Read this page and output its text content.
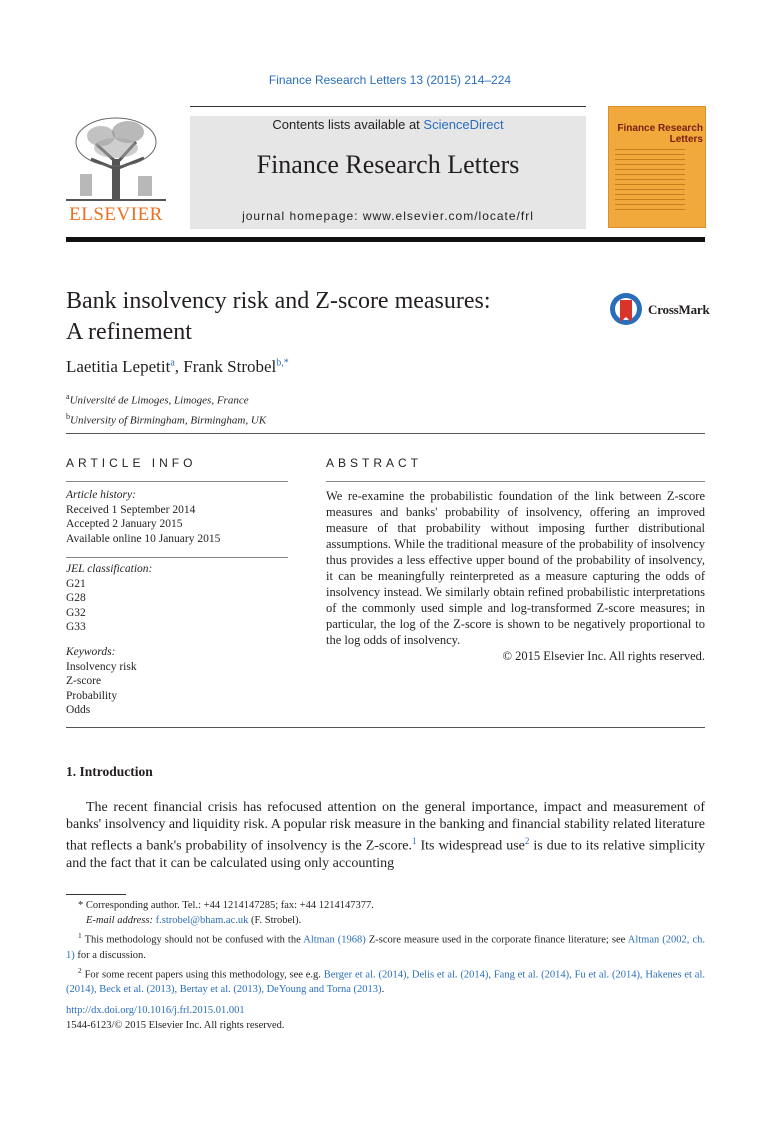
Finance Research Letters 13 (2015) 214–224
ELSEVIER
Contents lists available at ScienceDirect
Finance Research Letters
journal homepage: www.elsevier.com/locate/frl
Finance Research Letters
Bank insolvency risk and Z-score measures:
A refinement
CrossMark
Laetitia Lepetit$^a$, Frank Strobel$^{b,*}$
$^a$Université de Limoges, Limoges, France
$^b$University of Birmingham, Birmingham, UK
ARTICLE INFO
Article history:
Received 1 September 2014
Accepted 2 January 2015
Available online 10 January 2015
JEL classification:
G21
G28
G32
G33
Keywords:
Insolvency risk
Z-score
Probability
Odds
ABSTRACT
We re-examine the probabilistic foundation of the link between Z-score measures and banks' probability of insolvency, offering an improved measure of that probability without imposing further distributional assumptions. While the traditional measure of the probability of insolvency thus provides a less effective upper bound of the probability of insolvency, it can be meaningfully reinterpreted as a measure capturing the odds of insolvency instead. We similarly obtain refined probabilistic interpretations of the commonly used simple and log-transformed Z-score measures; in particular, the log of the Z-score is shown to be negatively proportional to the log odds of insolvency.
© 2015 Elsevier Inc. All rights reserved.
1. Introduction
The recent financial crisis has refocused attention on the general importance, impact and measurement of banks' insolvency and liquidity risk. A popular risk measure in the banking and financial stability related literature that reflects a bank's probability of insolvency is the Z-score.$^1$ Its widespread use$^2$ is due to its relative simplicity and the fact that it can be calculated using only accounting

* Corresponding author. Tel.: +44 1214147285; fax: +44 1214147377.

E-mail address: f.strobel@bham.ac.uk (F. Strobel).

$^1$ This methodology should not be confused with the Altman (1968) Z-score measure used in the corporate finance literature; see Altman (2002, ch. 1) for a discussion.

$^2$ For some recent papers using this methodology, see e.g. Berger et al. (2014), Delis et al. (2014), Fang et al. (2014), Fu et al. (2014), Hakenes et al. (2014), Beck et al. (2013), Bertay et al. (2013), DeYoung and Torna (2013).

http://dx.doi.org/10.1016/j.frl.2015.01.001
1544-6123/© 2015 Elsevier Inc. All rights reserved.
